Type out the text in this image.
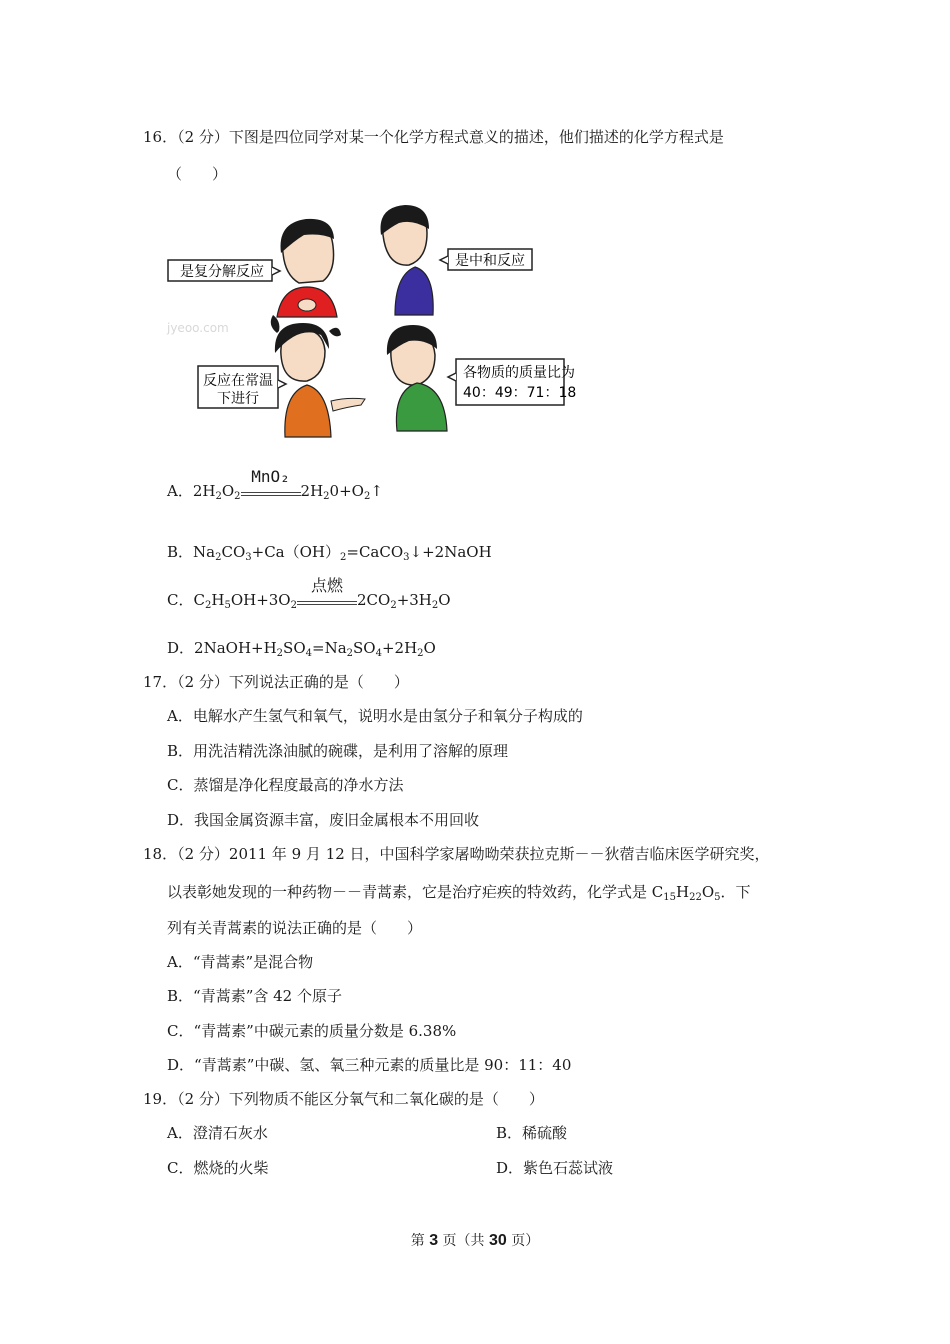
16．（2 分）下图是四位同学对某一个化学方程式意义的描述，他们描述的化学方程式是
（　　）
是复分解反应
是中和反应
jyeoo.com
反应在常温
下进行
各物质的质量比为
40：49：71：18
A．$2H_2O_2$
MnO₂
$2H_20+O_2↑$
B．$Na_2CO_3+Ca(OH)_2=CaCO_3↓+2NaOH$
C．$C_2H_5OH+3O_2$
点燃
$2CO_2+3H_2O$
D．$2NaOH+H_2SO_4=Na_2SO_4+2H_2O$
17．（2 分）下列说法正确的是（　　）
A．电解水产生氢气和氧气，说明水是由氢分子和氧分子构成的
B．用洗洁精洗涤油腻的碗碟，是利用了溶解的原理
C．蒸馏是净化程度最高的净水方法
D．我国金属资源丰富，废旧金属根本不用回收
18．（2 分）2011 年 9 月 12 日，中国科学家屠呦呦荣获拉克斯－－狄蓿吉临床医学研究奖，
以表彰她发现的一种药物－－青蒿素，它是治疗疟疾的特效药，化学式是 $C_{15}H_{22}O_5$．下
列有关青蒿素的说法正确的是（　　）
A．“青蒿素”是混合物
B．“青蒿素”含 42 个原子
C．“青蒿素”中碳元素的质量分数是 6.38%
D．“青蒿素”中碳、氢、氧三种元素的质量比是 90：11：40
19．（2 分）下列物质不能区分氧气和二氧化碳的是（　　）
A．澄清石灰水	B．稀硫酸
C．燃烧的火柴	D．紫色石蕊试液
第 3 页（共 30 页）
